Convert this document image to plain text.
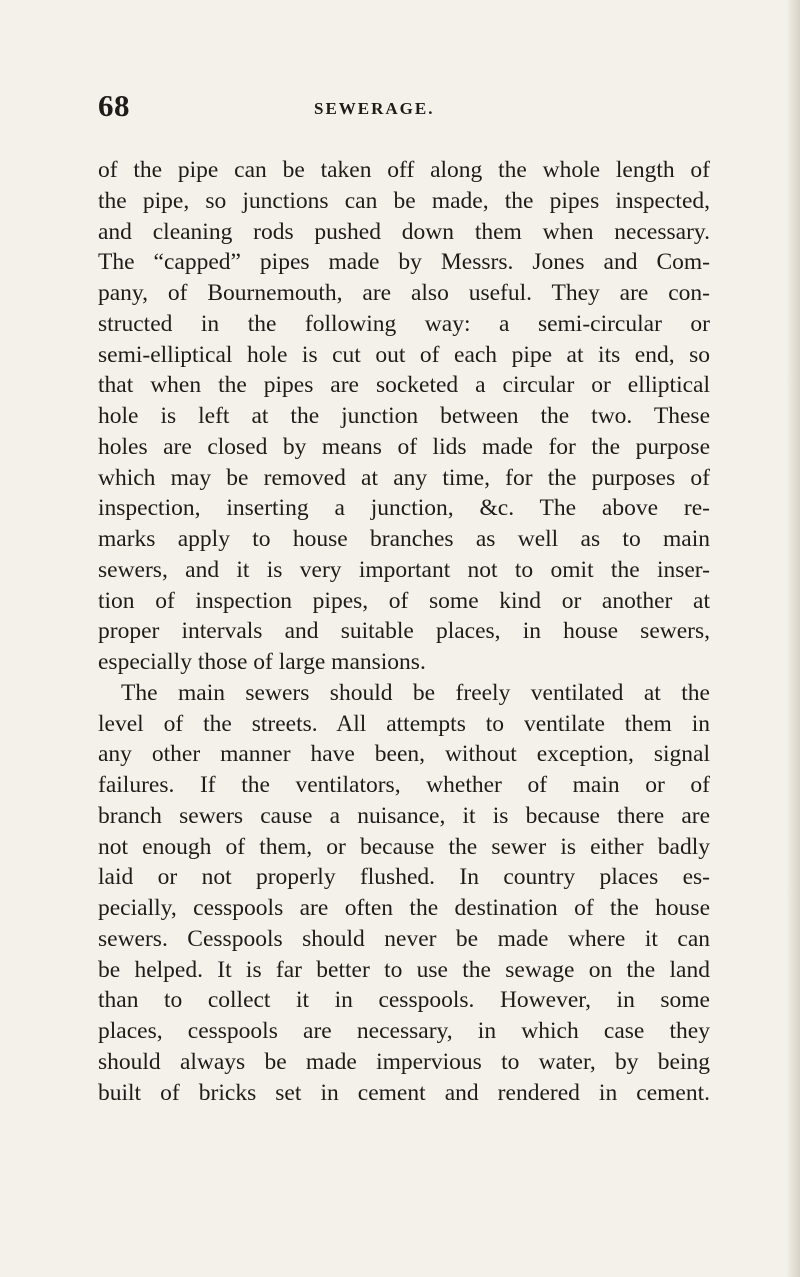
68	SEWERAGE.
of the pipe can be taken off along the whole length of
the pipe, so junctions can be made, the pipes inspected,
and cleaning rods pushed down them when necessary.
The “capped” pipes made by Messrs. Jones and Com-
pany, of Bournemouth, are also useful. They are con-
structed in the following way: a semi-circular or
semi-elliptical hole is cut out of each pipe at its end, so
that when the pipes are socketed a circular or elliptical
hole is left at the junction between the two. These
holes are closed by means of lids made for the purpose
which may be removed at any time, for the purposes of
inspection, inserting a junction, &c. The above re-
marks apply to house branches as well as to main
sewers, and it is very important not to omit the inser-
tion of inspection pipes, of some kind or another at
proper intervals and suitable places, in house sewers,
especially those of large mansions.
The main sewers should be freely ventilated at the
level of the streets. All attempts to ventilate them in
any other manner have been, without exception, signal
failures. If the ventilators, whether of main or of
branch sewers cause a nuisance, it is because there are
not enough of them, or because the sewer is either badly
laid or not properly flushed. In country places es-
pecially, cesspools are often the destination of the house
sewers. Cesspools should never be made where it can
be helped. It is far better to use the sewage on the land
than to collect it in cesspools. However, in some
places, cesspools are necessary, in which case they
should always be made impervious to water, by being
built of bricks set in cement and rendered in cement.
